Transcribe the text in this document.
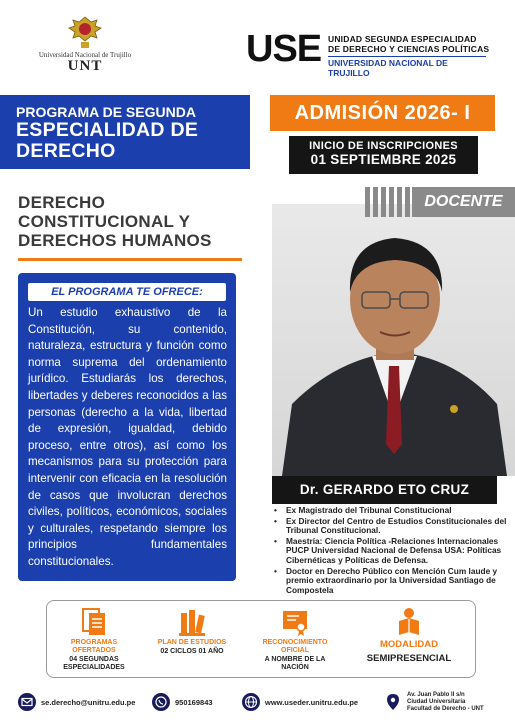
Universidad Nacional de Trujillo
UNT	USE UNIDAD SEGUNDA ESPECIALIDAD
DE DERECHO Y CIENCIAS POLÍTICAS
UNIVERSIDAD NACIONAL DE TRUJILLO
PROGRAMA DE SEGUNDA
ESPECIALIDAD DE
DERECHO
ADMISIÓN 2026- I
INICIO DE INSCRIPCIONES
01 SEPTIEMBRE 2025
DERECHO
CONSTITUCIONAL Y
DERECHOS HUMANOS
EL PROGRAMA TE OFRECE:
Un estudio exhaustivo de la Constitución, su contenido, naturaleza, estructura y función como norma suprema del ordenamiento jurídico. Estudiarás los derechos, libertades y deberes reconocidos a las personas (derecho a la vida, libertad de expresión, igualdad, debido proceso, entre otros), así como los mecanismos para su protección para intervenir con eficacia en la resolución de casos que involucran derechos civiles, políticos, económicos, sociales y culturales, respetando siempre los principios fundamentales constitucionales.
DOCENTE
Dr. GERARDO ETO CRUZ
• Ex Magistrado del Tribunal Constitucional
• Ex Director del Centro de Estudios Constitucionales del Tribunal Constitucional.
• Maestría: Ciencia Política -Relaciones Internacionales PUCP Universidad Nacional de Defensa USA: Políticas Cibernéticas y Políticas de Defensa.
• Doctor en Derecho Público con Mención Cum laude y premio extraordinario por la Universidad Santiago de Compostela
PROGRAMAS OFERTADOS
04 SEGUNDAS ESPECIALIDADES
PLAN DE ESTUDIOS
02 CICLOS 01 AÑO
RECONOCIMIENTO OFICIAL
A NOMBRE DE LA NACIÓN
MODALIDAD
SEMIPRESENCIAL
se.derecho@unitru.edu.pe	950169843	www.useder.unitru.edu.pe
Av. Juan Pablo II s/n
Ciudad Universitaria
Facultad de Derecho - UNT
